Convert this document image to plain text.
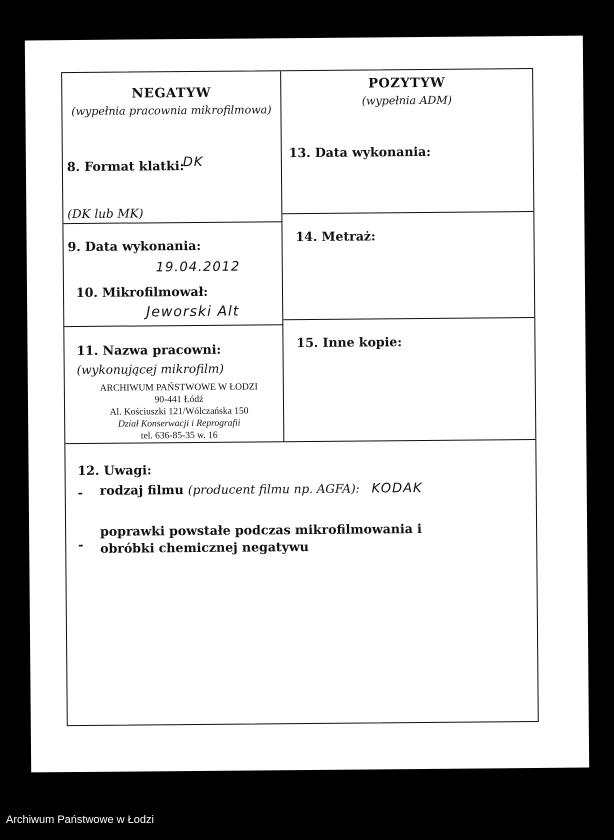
NEGATYW
(wypełnia pracownia mikrofilmowa)
POZYTYW
(wypełnia ADM)
8. Format klatki:
DK
(DK lub MK)
13. Data wykonania:
9. Data wykonania:
19.04.2012
14. Metraż:
10. Mikrofilmował:
Jeworski Alt
11. Nazwa pracowni:
(wykonującej mikrofilm)
ARCHIWUM PAŃSTWOWE W ŁODZI
90-441 Łódź
Al. Kościuszki 121/Wólczańska 150
Dział Konserwacji i Reprografii
tel. 636-85-35 w. 16
15. Inne kopie:
12. Uwagi:
- rodzaj filmu (producent filmu np. AGFA): KODAK
-
poprawki powstałe podczas mikrofilmowania i obróbki chemicznej negatywu
Archiwum Państwowe w Łodzi
